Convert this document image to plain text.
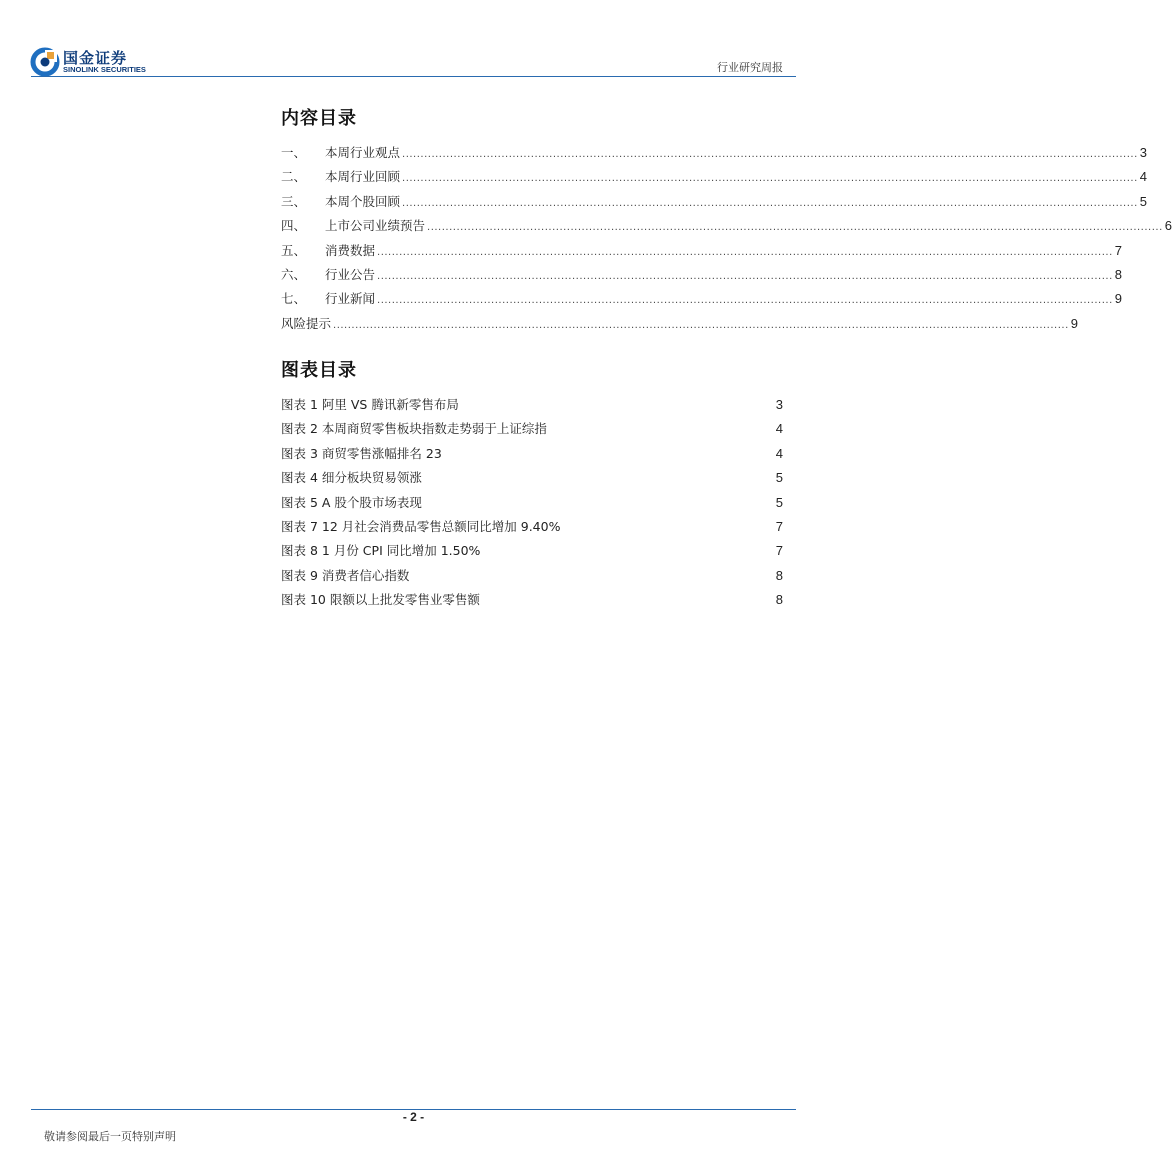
国金证券
SINOLINK SECURITIES	行业研究周报
内容目录
一、	本周行业观点 ........................................................................................................................................................................................................ 3
二、	本周行业回顾 ........................................................................................................................................................................................................ 4
三、	本周个股回顾 ........................................................................................................................................................................................................ 5
四、	上市公司业绩预告 ........................................................................................................................................................................................................ 6
五、	消费数据 ........................................................................................................................................................................................................ 7
六、	行业公告 ........................................................................................................................................................................................................ 8
七、	行业新闻 ........................................................................................................................................................................................................ 9
风险提示 ........................................................................................................................................................................................................ 9
图表目录
图表 1 阿里 VS 腾讯新零售布局	3
图表 2 本周商贸零售板块指数走势弱于上证综指	4
图表 3 商贸零售涨幅排名 23	4
图表 4 细分板块贸易领涨	5
图表 5 A 股个股市场表现	5
图表 7 12 月社会消费品零售总额同比增加 9.40%	7
图表 8 1 月份 CPI 同比增加 1.50%	7
图表 9 消费者信心指数	8
图表 10 限额以上批发零售业零售额	8
- 2 -
敬请参阅最后一页特别声明
